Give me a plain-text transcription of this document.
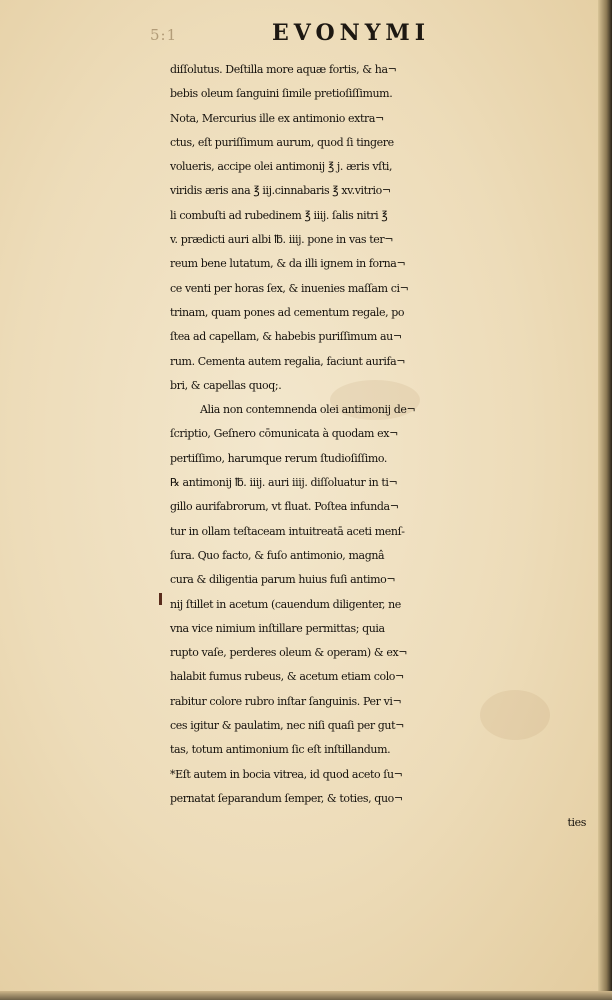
5:1	EVONYMI
diſſolutus. Deſtilla more aquæ fortis, & ha¬
bebis oleum ſanguini ſimile pretioſiſſimum.
Nota, Mercurius ille ex antimonio extra¬
ctus, eſt puriſſimum aurum, quod ſi tingere
volueris, accipe olei antimonij ℥ j. æris vſti,
viridis æris ana ℥ iij.cinnabaris ℥ xv.vitrio¬
li combuſti ad rubedinem ℥ iiij. ſalis nitri ℥
v. prædicti auri albi ℔. iiij. pone in vas ter¬
reum bene lutatum, & da illi ignem in forna¬
ce venti per horas ſex, & inuenies maſſam ci¬
trinam, quam pones ad cementum regale, po
ſtea ad capellam, & habebis puriſſimum au¬
rum. Cementa autem regalia, faciunt aurifa¬
bri, & capellas quoq;.
Alia non contemnenda olei antimonij de¬
ſcriptio, Geſnero cōmunicata à quodam ex¬
pertiſſimo, harumque rerum ſtudioſiſſimo.
℞ antimonij ℔. iiij. auri iiij. diſſoluatur in ti¬
gillo aurifabrorum, vt fluat. Poſtea infunda¬
tur in ollam teſtaceam intuitreatā aceti menſ-
ſura. Quo facto, & fuſo antimonio, magnâ
cura & diligentia parum huius fuſi antimo¬
nij ſtillet in acetum (cauendum diligenter, ne
vna vice nimium inſtillare permittas; quia
rupto vaſe, perderes oleum & operam) & ex¬
halabit fumus rubeus, & acetum etiam colo¬
rabitur colore rubro inſtar ſanguinis. Per vi¬
ces igitur & paulatim, nec niſi quaſi per gut¬
tas, totum antimonium ſic eſt inſtillandum.
*Eſt autem in bocia vitrea, id quod aceto ſu¬
pernatat ſeparandum ſemper, & toties, quo¬
ties
